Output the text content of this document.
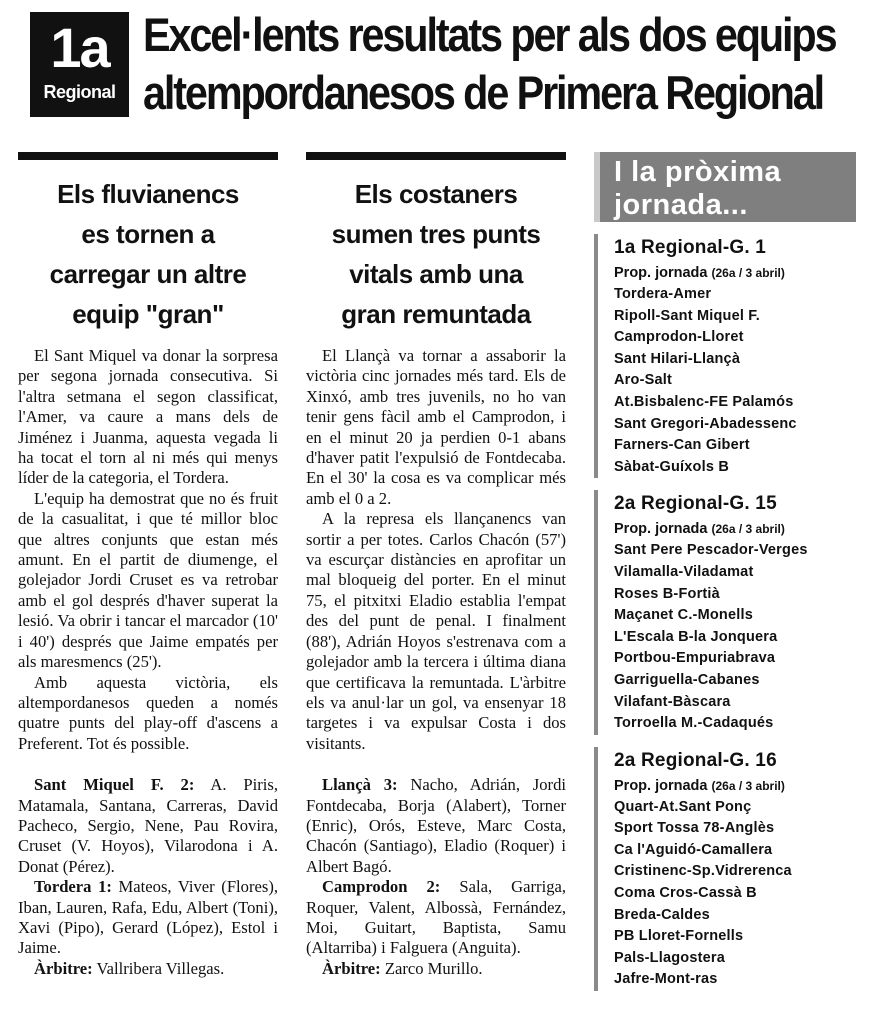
1a
Regional
Excel·lents resultats per als dos equips
altempordanesos de Primera Regional
Els fluvianencs
es tornen a
carregar un altre
equip "gran"

El Sant Miquel va donar la sorpresa per segona jornada consecutiva. Si l'altra setmana el segon classificat, l'Amer, va caure a mans dels de Jiménez i Juanma, aquesta vegada li ha tocat el torn al ni més qui menys líder de la categoria, el Tordera.

L'equip ha demostrat que no és fruit de la casualitat, i que té millor bloc que altres conjunts que estan més amunt. En el partit de diumenge, el golejador Jordi Cruset es va retrobar amb el gol després d'haver superat la lesió. Va obrir i tancar el marcador (10' i 40') després que Jaime empatés per als maresmencs (25').

Amb aquesta victòria, els altempordanesos queden a només quatre punts del play-off d'ascens a Preferent. Tot és possible.

Sant Miquel F. 2: A. Piris, Matamala, Santana, Carreras, David Pacheco, Sergio, Nene, Pau Rovira, Cruset (V. Hoyos), Vilarodona i A. Donat (Pérez).

Tordera 1: Mateos, Viver (Flores), Iban, Lauren, Rafa, Edu, Albert (Toni), Xavi (Pipo), Gerard (López), Estol i Jaime.

Àrbitre: Vallribera Villegas.

Els costaners
sumen tres punts
vitals amb una
gran remuntada

El Llançà va tornar a assaborir la victòria cinc jornades més tard. Els de Xinxó, amb tres juvenils, no ho van tenir gens fàcil amb el Camprodon, i en el minut 20 ja perdien 0-1 abans d'haver patit l'expulsió de Fontdecaba. En el 30' la cosa es va complicar més amb el 0 a 2.

A la represa els llançanencs van sortir a per totes. Carlos Chacón (57') va escurçar distàncies en aprofitar un mal bloqueig del porter. En el minut 75, el pitxitxi Eladio establia l'empat des del punt de penal. I finalment (88'), Adrián Hoyos s'estrenava com a golejador amb la tercera i última diana que certificava la remuntada. L'àrbitre els va anul·lar un gol, va ensenyar 18 targetes i va expulsar Costa i dos visitants.

Llançà 3: Nacho, Adrián, Jordi Fontdecaba, Borja (Alabert), Torner (Enric), Orós, Esteve, Marc Costa, Chacón (Santiago), Eladio (Roquer) i Albert Bagó.

Camprodon 2: Sala, Garriga, Roquer, Valent, Albossà, Fernández, Moi, Guitart, Baptista, Samu (Altarriba) i Falguera (Anguita).

Àrbitre: Zarco Murillo.

I la pròxima
jornada...
1a Regional-G. 1
Prop. jornada (26a / 3 abril)
Tordera-Amer
Ripoll-Sant Miquel F.
Camprodon-Lloret
Sant Hilari-Llançà
Aro-Salt
At.Bisbalenc-FE Palamós
Sant Gregori-Abadessenc
Farners-Can Gibert
Sàbat-Guíxols B
2a Regional-G. 15
Prop. jornada (26a / 3 abril)
Sant Pere Pescador-Verges
Vilamalla-Viladamat
Roses B-Fortià
Maçanet C.-Monells
L'Escala B-la Jonquera
Portbou-Empuriabrava
Garriguella-Cabanes
Vilafant-Bàscara
Torroella M.-Cadaqués
2a Regional-G. 16
Prop. jornada (26a / 3 abril)
Quart-At.Sant Ponç
Sport Tossa 78-Anglès
Ca l'Aguidó-Camallera
Cristinenc-Sp.Vidrerenca
Coma Cros-Cassà B
Breda-Caldes
PB Lloret-Fornells
Pals-Llagostera
Jafre-Mont-ras
